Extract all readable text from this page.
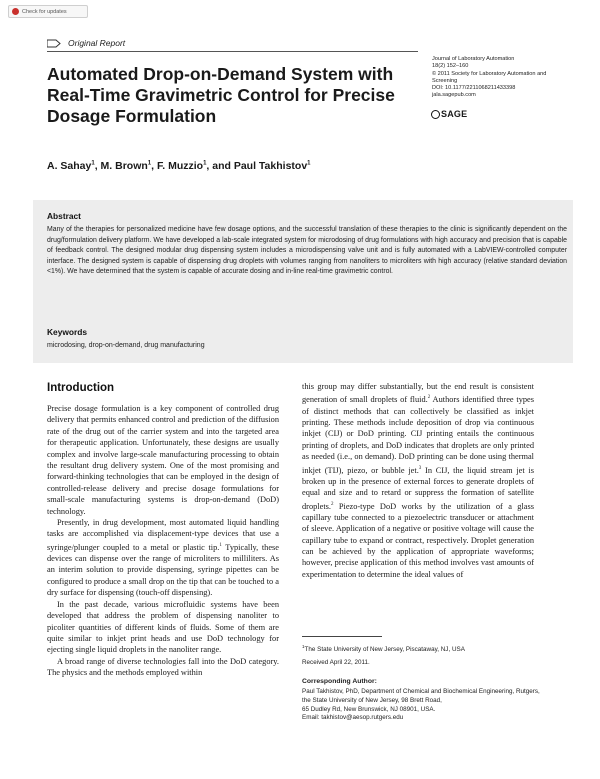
Check for updates
Original Report
Automated Drop-on-Demand System with Real-Time Gravimetric Control for Precise Dosage Formulation
Journal of Laboratory Automation
18(2) 152–160
© 2011 Society for Laboratory Automation and Screening
DOI: 10.1177/2211068211433398
jala.sagepub.com
SAGE
A. Sahay$^1$, M. Brown$^1$, F. Muzzio$^1$, and Paul Takhistov$^1$
Abstract
Many of the therapies for personalized medicine have few dosage options, and the successful translation of these therapies to the clinic is significantly dependent on the drug/formulation delivery platform. We have developed a lab-scale integrated system for microdosing of drug formulations with high accuracy and precision that is capable of feedback control. The designed modular drug dispensing system includes a microdispensing valve unit and is fully automated with a LabVIEW-controlled computer interface. The designed system is capable of dispensing drug droplets with volumes ranging from nanoliters to microliters with high accuracy (relative standard deviation <1%). We have determined that the system is capable of accurate dosing and in-line real-time gravimetric control.
Keywords
microdosing, drop-on-demand, drug manufacturing
Introduction

Precise dosage formulation is a key component of controlled drug delivery that permits enhanced control and prediction of the diffusion rate of the drug out of the carrier system and into the targeted area for therapeutic application. Unfortunately, these designs are usually complex and involve large-scale manufacturing processing to obtain the resultant drug delivery system. One of the most promising and forward-thinking technologies that can be employed in the design of controlled-release delivery and precise dosage formulations for small-scale manufacturing systems is drop-on-demand (DoD) technology.

Presently, in drug development, most automated liquid handling tasks are accomplished via displacement-type devices that use a syringe/plunger coupled to a metal or plastic tip.$^1$ Typically, these devices can dispense over the range of microliters to milliliters. As an interim solution to provide dispensing, syringe pipettes can be configured to produce a small drop on the tip that can be touched to a dry surface for dispensing (touch-off dispensing).

In the past decade, various microfluidic systems have been developed that address the problem of dispensing nanoliter to picoliter quantities of different kinds of fluids. Some of them are quite similar to inkjet print heads and use DoD technology for ejecting single liquid droplets in the nanoliter range.

A broad range of diverse technologies fall into the DoD category. The physics and the methods employed within

this group may differ substantially, but the end result is consistent generation of small droplets of fluid.$^2$ Authors identified three types of distinct methods that can collectively be classified as inkjet printing. These methods include deposition of drop via continuous inkjet (CIJ) or DoD printing. CIJ printing entails the continuous printing of droplets, and DoD indicates that droplets are only printed as needed (i.e., on demand). DoD printing can be done using thermal inkjet (TIJ), piezo, or bubble jet.$^3$ In CIJ, the liquid stream jet is broken up in the presence of external forces to generate droplets of equal and size and to retard or suppress the formation of satellite droplets.$^2$ Piezo-type DoD works by the utilization of a glass capillary tube connected to a piezoelectric transducer or attachment of sleeve. Application of a negative or positive voltage will cause the capillary tube to expand or contract, respectively. Droplet generation can be achieved by the application of appropriate waveforms; however, precise application of this method involves vast amounts of experimentation to determine the ideal values of

$^1$The State University of New Jersey, Piscataway, NJ, USA
Received April 22, 2011.
Corresponding Author:
Paul Takhistov, PhD, Department of Chemical and Biochemical Engineering, Rutgers, the State University of New Jersey, 98 Brett Road,
65 Dudley Rd, New Brunswick, NJ 08901, USA.
Email: takhistov@aesop.rutgers.edu
